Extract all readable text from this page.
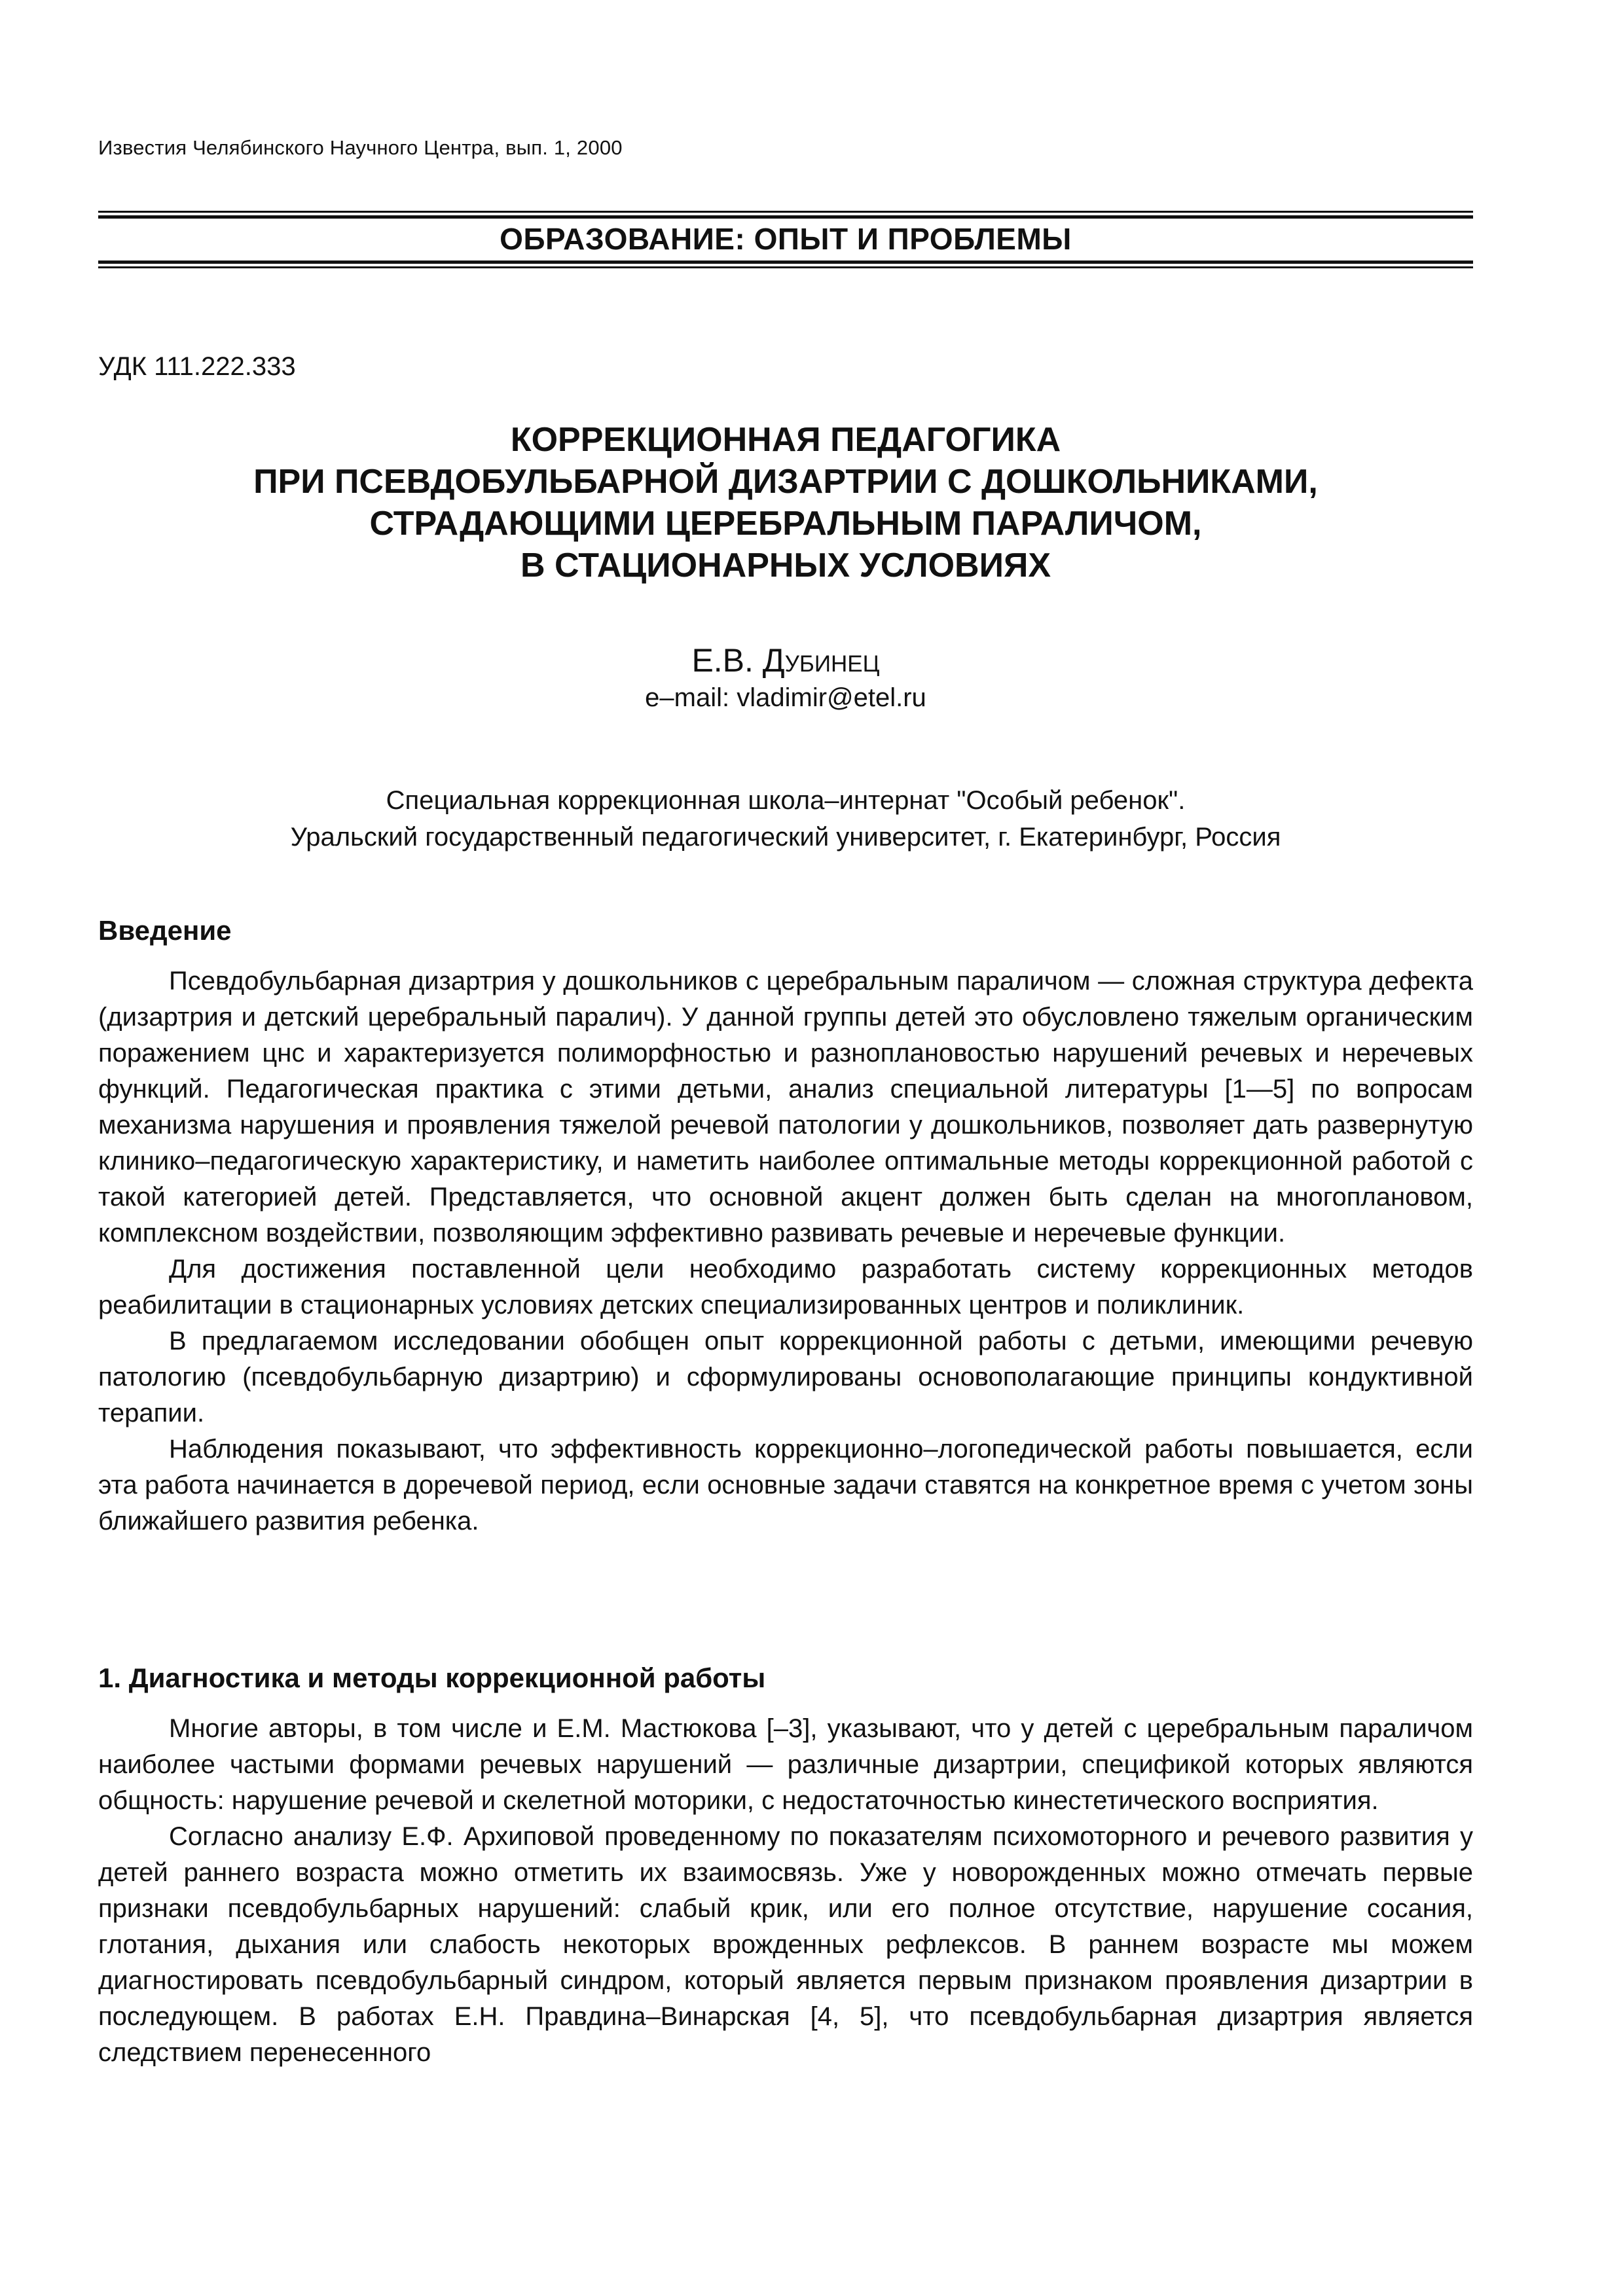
Известия Челябинского Научного Центра, вып. 1, 2000
ОБРАЗОВАНИЕ: ОПЫТ И ПРОБЛЕМЫ
УДК 111.222.333
КОРРЕКЦИОННАЯ ПЕДАГОГИКА
ПРИ ПСЕВДОБУЛЬБАРНОЙ ДИЗАРТРИИ С ДОШКОЛЬНИКАМИ,
СТРАДАЮЩИМИ ЦЕРЕБРАЛЬНЫМ ПАРАЛИЧОМ,
В СТАЦИОНАРНЫХ УСЛОВИЯХ
Е.В. Дубинец
e–mail: vladimir@etel.ru
Специальная коррекционная школа–интернат "Особый ребенок".
Уральский государственный педагогический университет, г. Екатеринбург, Россия
Введение

Псевдобульбарная дизартрия у дошкольников с церебральным параличом — сложная структура дефекта (дизартрия и детский церебральный паралич). У данной группы детей это обусловлено тяжелым органическим поражением цнс и характеризуется полиморфностью и разноплановостью нарушений речевых и неречевых функций. Педагогическая практика с этими детьми, анализ специальной литературы [1—5] по вопросам механизма нарушения и проявления тяжелой речевой патологии у дошкольников, позволяет дать развернутую клинико–педагогическую характеристику, и наметить наиболее оптимальные методы коррекционной работой с такой категорией детей. Представляется, что основной акцент должен быть сделан на многоплановом, комплексном воздействии, позволяющим эффективно развивать речевые и неречевые функции.

Для достижения поставленной цели необходимо разработать систему коррекционных методов реабилитации в стационарных условиях детских специализированных центров и поликлиник.

В предлагаемом исследовании обобщен опыт коррекционной работы с детьми, имеющими речевую патологию (псевдобульбарную дизартрию) и сформулированы основополагающие принципы кондуктивной терапии.

Наблюдения показывают, что эффективность коррекционно–логопедической работы повышается, если эта работа начинается в доречевой период, если основные задачи ставятся на конкретное время с учетом зоны ближайшего развития ребенка.

1. Диагностика и методы коррекционной работы

Многие авторы, в том числе и Е.М. Мастюкова [–3], указывают, что у детей с церебральным параличом наиболее частыми формами речевых нарушений — различные дизартрии, спецификой которых являются общность: нарушение речевой и скелетной моторики, с недостаточностью кинестетического восприятия.

Согласно анализу Е.Ф. Архиповой проведенному по показателям психомоторного и речевого развития у детей раннего возраста можно отметить их взаимосвязь. Уже у новорожденных можно отмечать первые признаки псевдобульбарных нарушений: слабый крик, или его полное отсутствие, нарушение сосания, глотания, дыхания или слабость некоторых врожденных рефлексов. В раннем возрасте мы можем диагностировать псевдобульбарный синдром, который является первым признаком проявления дизартрии в последующем. В работах Е.Н. Правдина–Винарская [4, 5], что псевдобульбарная дизартрия является следствием перенесенного
